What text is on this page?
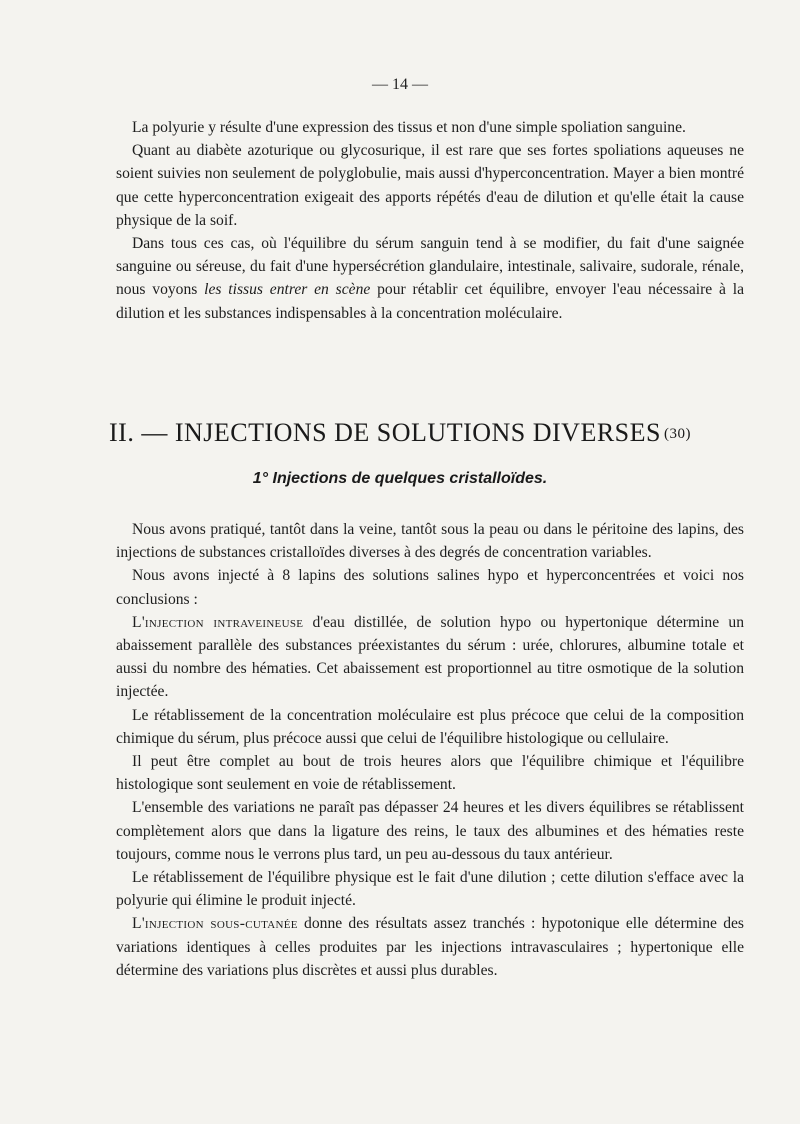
— 14 —

La polyurie y résulte d'une expression des tissus et non d'une simple spoliation sanguine.

Quant au diabète azoturique ou glycosurique, il est rare que ses fortes spoliations aqueuses ne soient suivies non seulement de polyglobulie, mais aussi d'hyperconcentration. Mayer a bien montré que cette hyperconcentration exigeait des apports répétés d'eau de dilution et qu'elle était la cause physique de la soif.

Dans tous ces cas, où l'équilibre du sérum sanguin tend à se modifier, du fait d'une saignée sanguine ou séreuse, du fait d'une hypersécrétion glandulaire, intestinale, salivaire, sudorale, rénale, nous voyons les tissus entrer en scène pour rétablir cet équilibre, envoyer l'eau nécessaire à la dilution et les substances indispensables à la concentration moléculaire.

II. — INJECTIONS DE SOLUTIONS DIVERSES (30)
1° Injections de quelques cristalloïdes.

Nous avons pratiqué, tantôt dans la veine, tantôt sous la peau ou dans le péritoine des lapins, des injections de substances cristalloïdes diverses à des degrés de concentration variables.

Nous avons injecté à 8 lapins des solutions salines hypo et hyperconcentrées et voici nos conclusions :

L'injection intraveineuse d'eau distillée, de solution hypo ou hypertonique détermine un abaissement parallèle des substances préexistantes du sérum : urée, chlorures, albumine totale et aussi du nombre des hématies. Cet abaissement est proportionnel au titre osmotique de la solution injectée.

Le rétablissement de la concentration moléculaire est plus précoce que celui de la composition chimique du sérum, plus précoce aussi que celui de l'équilibre histologique ou cellulaire.

Il peut être complet au bout de trois heures alors que l'équilibre chimique et l'équilibre histologique sont seulement en voie de rétablissement.

L'ensemble des variations ne paraît pas dépasser 24 heures et les divers équilibres se rétablissent complètement alors que dans la ligature des reins, le taux des albumines et des hématies reste toujours, comme nous le verrons plus tard, un peu au-dessous du taux antérieur.

Le rétablissement de l'équilibre physique est le fait d'une dilution ; cette dilution s'efface avec la polyurie qui élimine le produit injecté.

L'injection sous-cutanée donne des résultats assez tranchés : hypotonique elle détermine des variations identiques à celles produites par les injections intravasculaires ; hypertonique elle détermine des variations plus discrètes et aussi plus durables.
